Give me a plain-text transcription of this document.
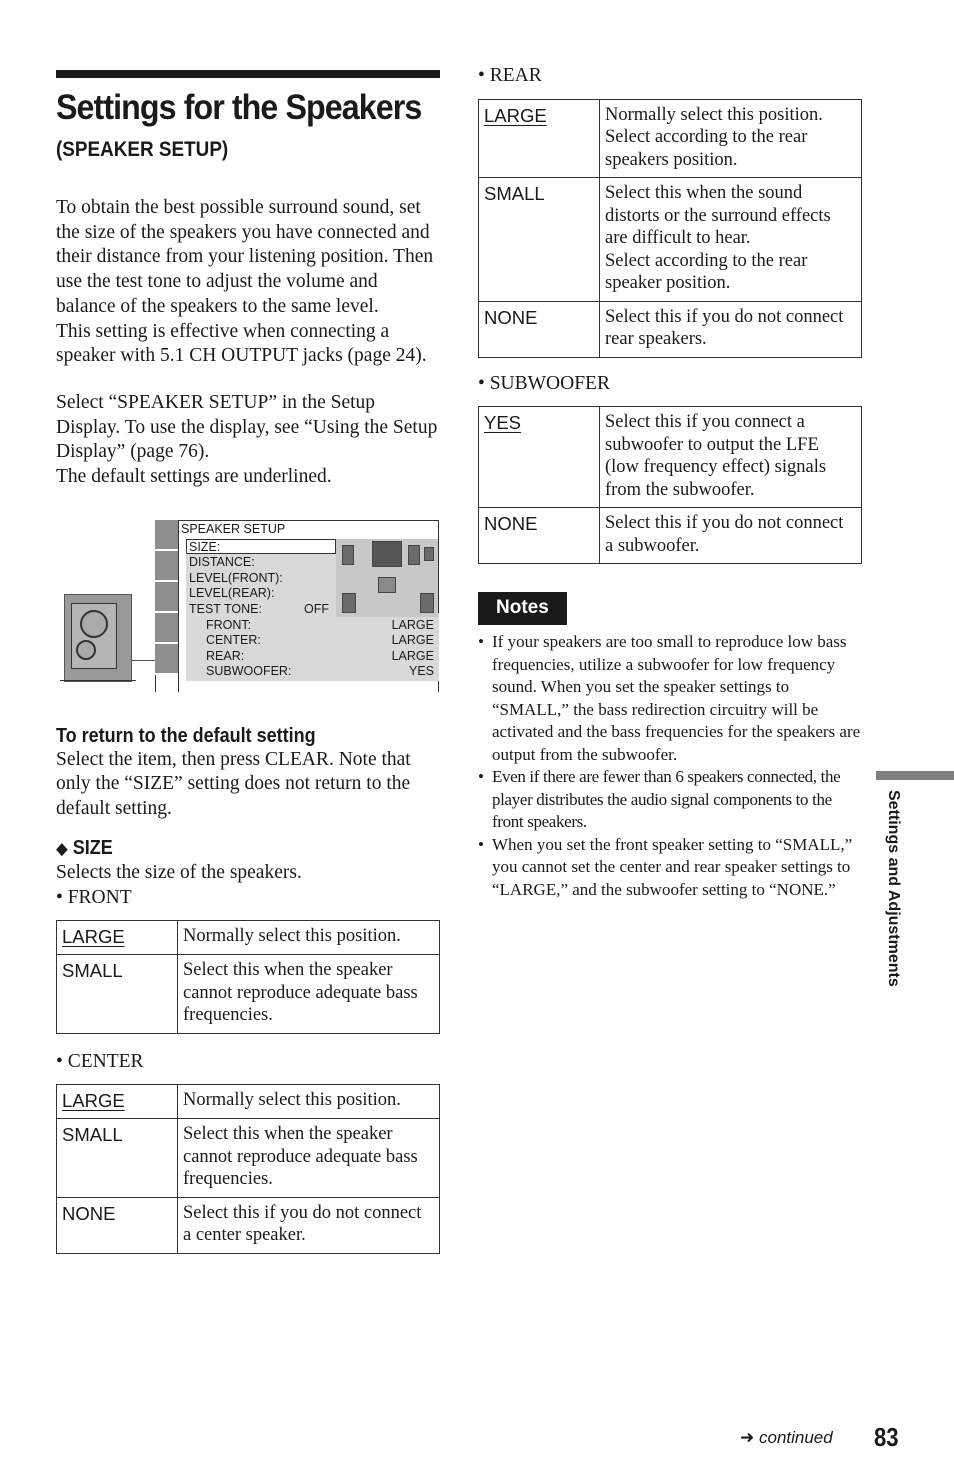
Settings for the Speakers
(SPEAKER SETUP)

To obtain the best possible surround sound, set the size of the speakers you have connected and their distance from your listening position. Then use the test tone to adjust the volume and balance of the speakers to the same level.

This setting is effective when connecting a speaker with 5.1 CH OUTPUT jacks (page 24).

Select “SPEAKER SETUP” in the Setup Display. To use the display, see “Using the Setup Display” (page 76).

The default settings are underlined.

SPEAKER SETUP
SIZE:
DISTANCE:
LEVEL(FRONT):
LEVEL(REAR):
TEST TONE:	OFF
FRONT:	LARGE
CENTER:	LARGE
REAR:	LARGE
SUBWOOFER:	YES
To return to the default setting

Select the item, then press CLEAR. Note that only the “SIZE” setting does not return to the default setting.

◆ SIZE

Selects the size of the speakers.

• FRONT

LARGE	Normally select this position.
SMALL	Select this when the speaker cannot reproduce adequate bass frequencies.

• CENTER

LARGE	Normally select this position.
SMALL	Select this when the speaker cannot reproduce adequate bass frequencies.
NONE	Select this if you do not connect a center speaker.

• REAR

LARGE	Normally select this position. Select according to the rear speakers position.
SMALL	Select this when the sound distorts or the surround effects are difficult to hear.
Select according to the rear speaker position.

NONE	Select this if you do not connect rear speakers.

• SUBWOOFER

YES	Select this if you connect a subwoofer to output the LFE (low frequency effect) signals from the subwoofer.
NONE	Select this if you do not connect a subwoofer.
Notes
• If your speakers are too small to reproduce low bass frequencies, utilize a subwoofer for low frequency sound. When you set the speaker settings to “SMALL,” the bass redirection circuitry will be activated and the bass frequencies for the speakers are output from the subwoofer.
• Even if there are fewer than 6 speakers connected, the player distributes the audio signal components to the front speakers.
• When you set the front speaker setting to “SMALL,” you cannot set the center and rear speaker settings to “LARGE,” and the subwoofer setting to “NONE.”	Settings and Adjustments
➜ continued 83
